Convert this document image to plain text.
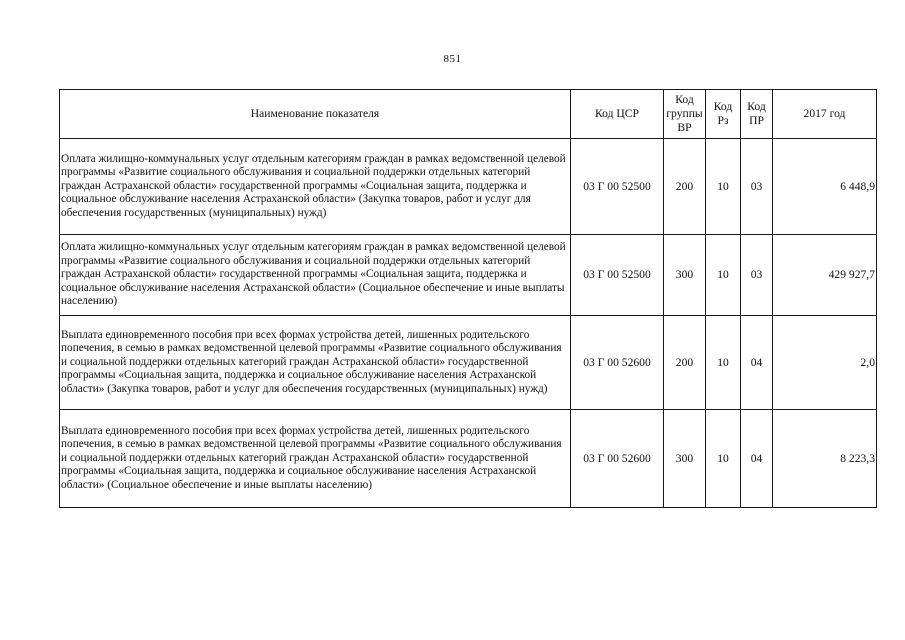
851
Наименование показателя	Код ЦСР	Код группы ВР	Код Рз	Код ПР	2017 год
Оплата жилищно-коммунальных услуг отдельным категориям граждан в рамках ведомственной целевой программы «Развитие социального обслуживания и социальной поддержки отдельных категорий граждан Астраханской области» государственной программы «Социальная защита, поддержка и социальное обслуживание населения Астраханской области» (Закупка товаров, работ и услуг для обеспечения государственных (муниципальных) нужд)	03 Г 00 52500	200	10	03	6 448,9
Оплата жилищно-коммунальных услуг отдельным категориям граждан в рамках ведомственной целевой программы «Развитие социального обслуживания и социальной поддержки отдельных категорий граждан Астраханской области» государственной программы «Социальная защита, поддержка и социальное обслуживание населения Астраханской области» (Социальное обеспечение и иные выплаты населению)	03 Г 00 52500	300	10	03	429 927,7
Выплата единовременного пособия при всех формах устройства детей, лишенных родительского попечения, в семью в рамках ведомственной целевой программы «Развитие социального обслуживания и социальной поддержки отдельных категорий граждан Астраханской области» государственной программы «Социальная защита, поддержка и социальное обслуживание населения Астраханской области» (Закупка товаров, работ и услуг для обеспечения государственных (муниципальных) нужд)	03 Г 00 52600	200	10	04	2,0
Выплата единовременного пособия при всех формах устройства детей, лишенных родительского попечения, в семью в рамках ведомственной целевой программы «Развитие социального обслуживания и социальной поддержки отдельных категорий граждан Астраханской области» государственной программы «Социальная защита, поддержка и социальное обслуживание населения Астраханской области» (Социальное обеспечение и иные выплаты населению)	03 Г 00 52600	300	10	04	8 223,3
